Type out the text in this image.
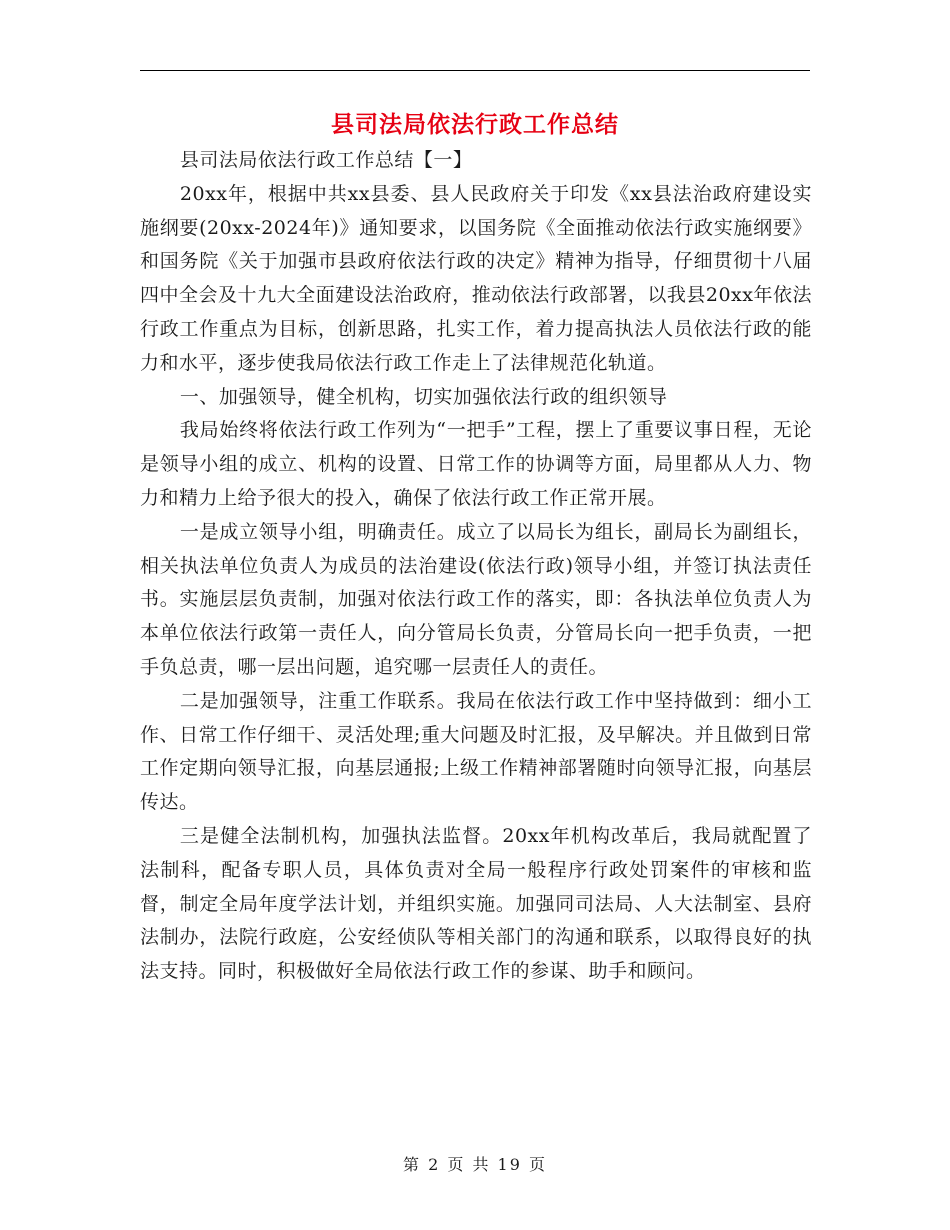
县司法局依法行政工作总结

县司法局依法行政工作总结【一】

20xx年，根据中共xx县委、县人民政府关于印发《xx县法治政府建设实施纲要(20xx-2024年)》通知要求，以国务院《全面推动依法行政实施纲要》和国务院《关于加强市县政府依法行政的决定》精神为指导，仔细贯彻十八届四中全会及十九大全面建设法治政府，推动依法行政部署，以我县20xx年依法行政工作重点为目标，创新思路，扎实工作，着力提高执法人员依法行政的能力和水平，逐步使我局依法行政工作走上了法律规范化轨道。

一、加强领导，健全机构，切实加强依法行政的组织领导

我局始终将依法行政工作列为“一把手”工程，摆上了重要议事日程，无论是领导小组的成立、机构的设置、日常工作的协调等方面，局里都从人力、物力和精力上给予很大的投入，确保了依法行政工作正常开展。

一是成立领导小组，明确责任。成立了以局长为组长，副局长为副组长，相关执法单位负责人为成员的法治建设(依法行政)领导小组，并签订执法责任书。实施层层负责制，加强对依法行政工作的落实，即：各执法单位负责人为本单位依法行政第一责任人，向分管局长负责，分管局长向一把手负责，一把手负总责，哪一层出问题，追究哪一层责任人的责任。

二是加强领导，注重工作联系。我局在依法行政工作中坚持做到：细小工作、日常工作仔细干、灵活处理;重大问题及时汇报，及早解决。并且做到日常工作定期向领导汇报，向基层通报;上级工作精神部署随时向领导汇报，向基层传达。

三是健全法制机构，加强执法监督。20xx年机构改革后，我局就配置了法制科，配备专职人员，具体负责对全局一般程序行政处罚案件的审核和监督，制定全局年度学法计划，并组织实施。加强同司法局、人大法制室、县府法制办，法院行政庭，公安经侦队等相关部门的沟通和联系，以取得良好的执法支持。同时，积极做好全局依法行政工作的参谋、助手和顾问。

第 2 页 共 19 页
